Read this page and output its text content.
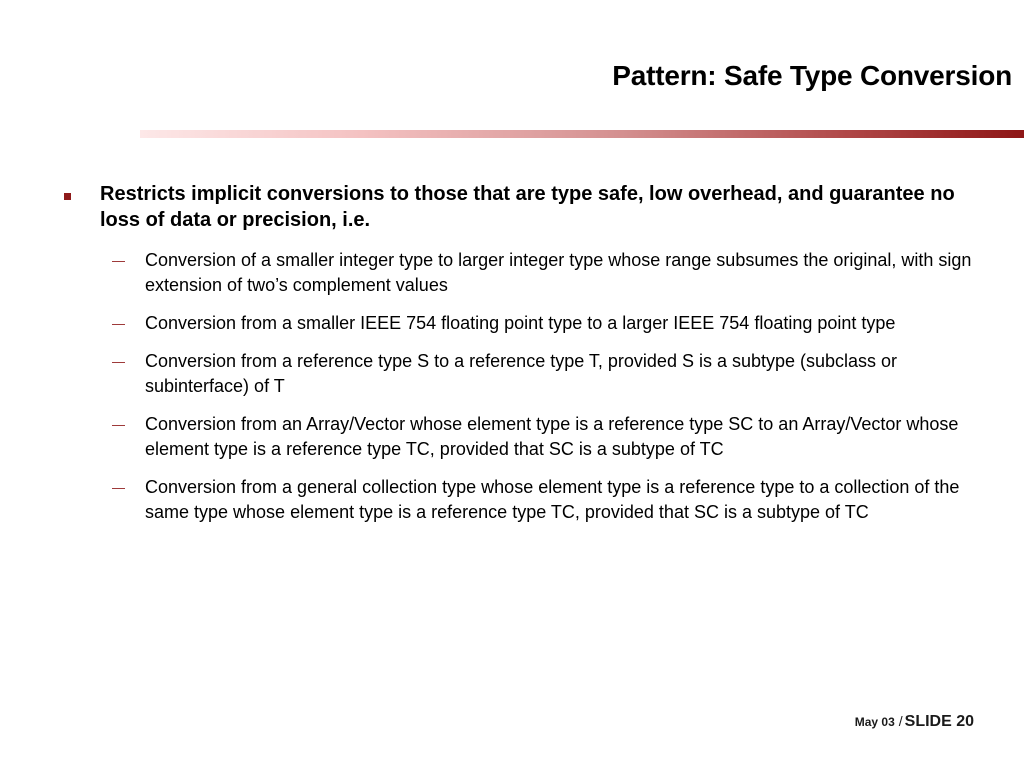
Pattern: Safe Type Conversion
Restricts implicit conversions to those that are type safe, low overhead, and guarantee no loss of data or precision, i.e.
— Conversion of a smaller integer type to larger integer type whose range subsumes the original, with sign extension of two’s complement values
— Conversion from a smaller IEEE 754 floating point type to a larger IEEE 754 floating point type
— Conversion from a reference type S to a reference type T, provided S is a subtype (subclass or subinterface) of T
— Conversion from an Array/Vector whose element type is a reference type SC to an Array/Vector whose element type is a reference type TC, provided that SC is a subtype of TC
— Conversion from a general collection type whose element type is a reference type to a collection of the same type whose element type is a reference type TC, provided that SC is a subtype of TC
May 03 / SLIDE 20
